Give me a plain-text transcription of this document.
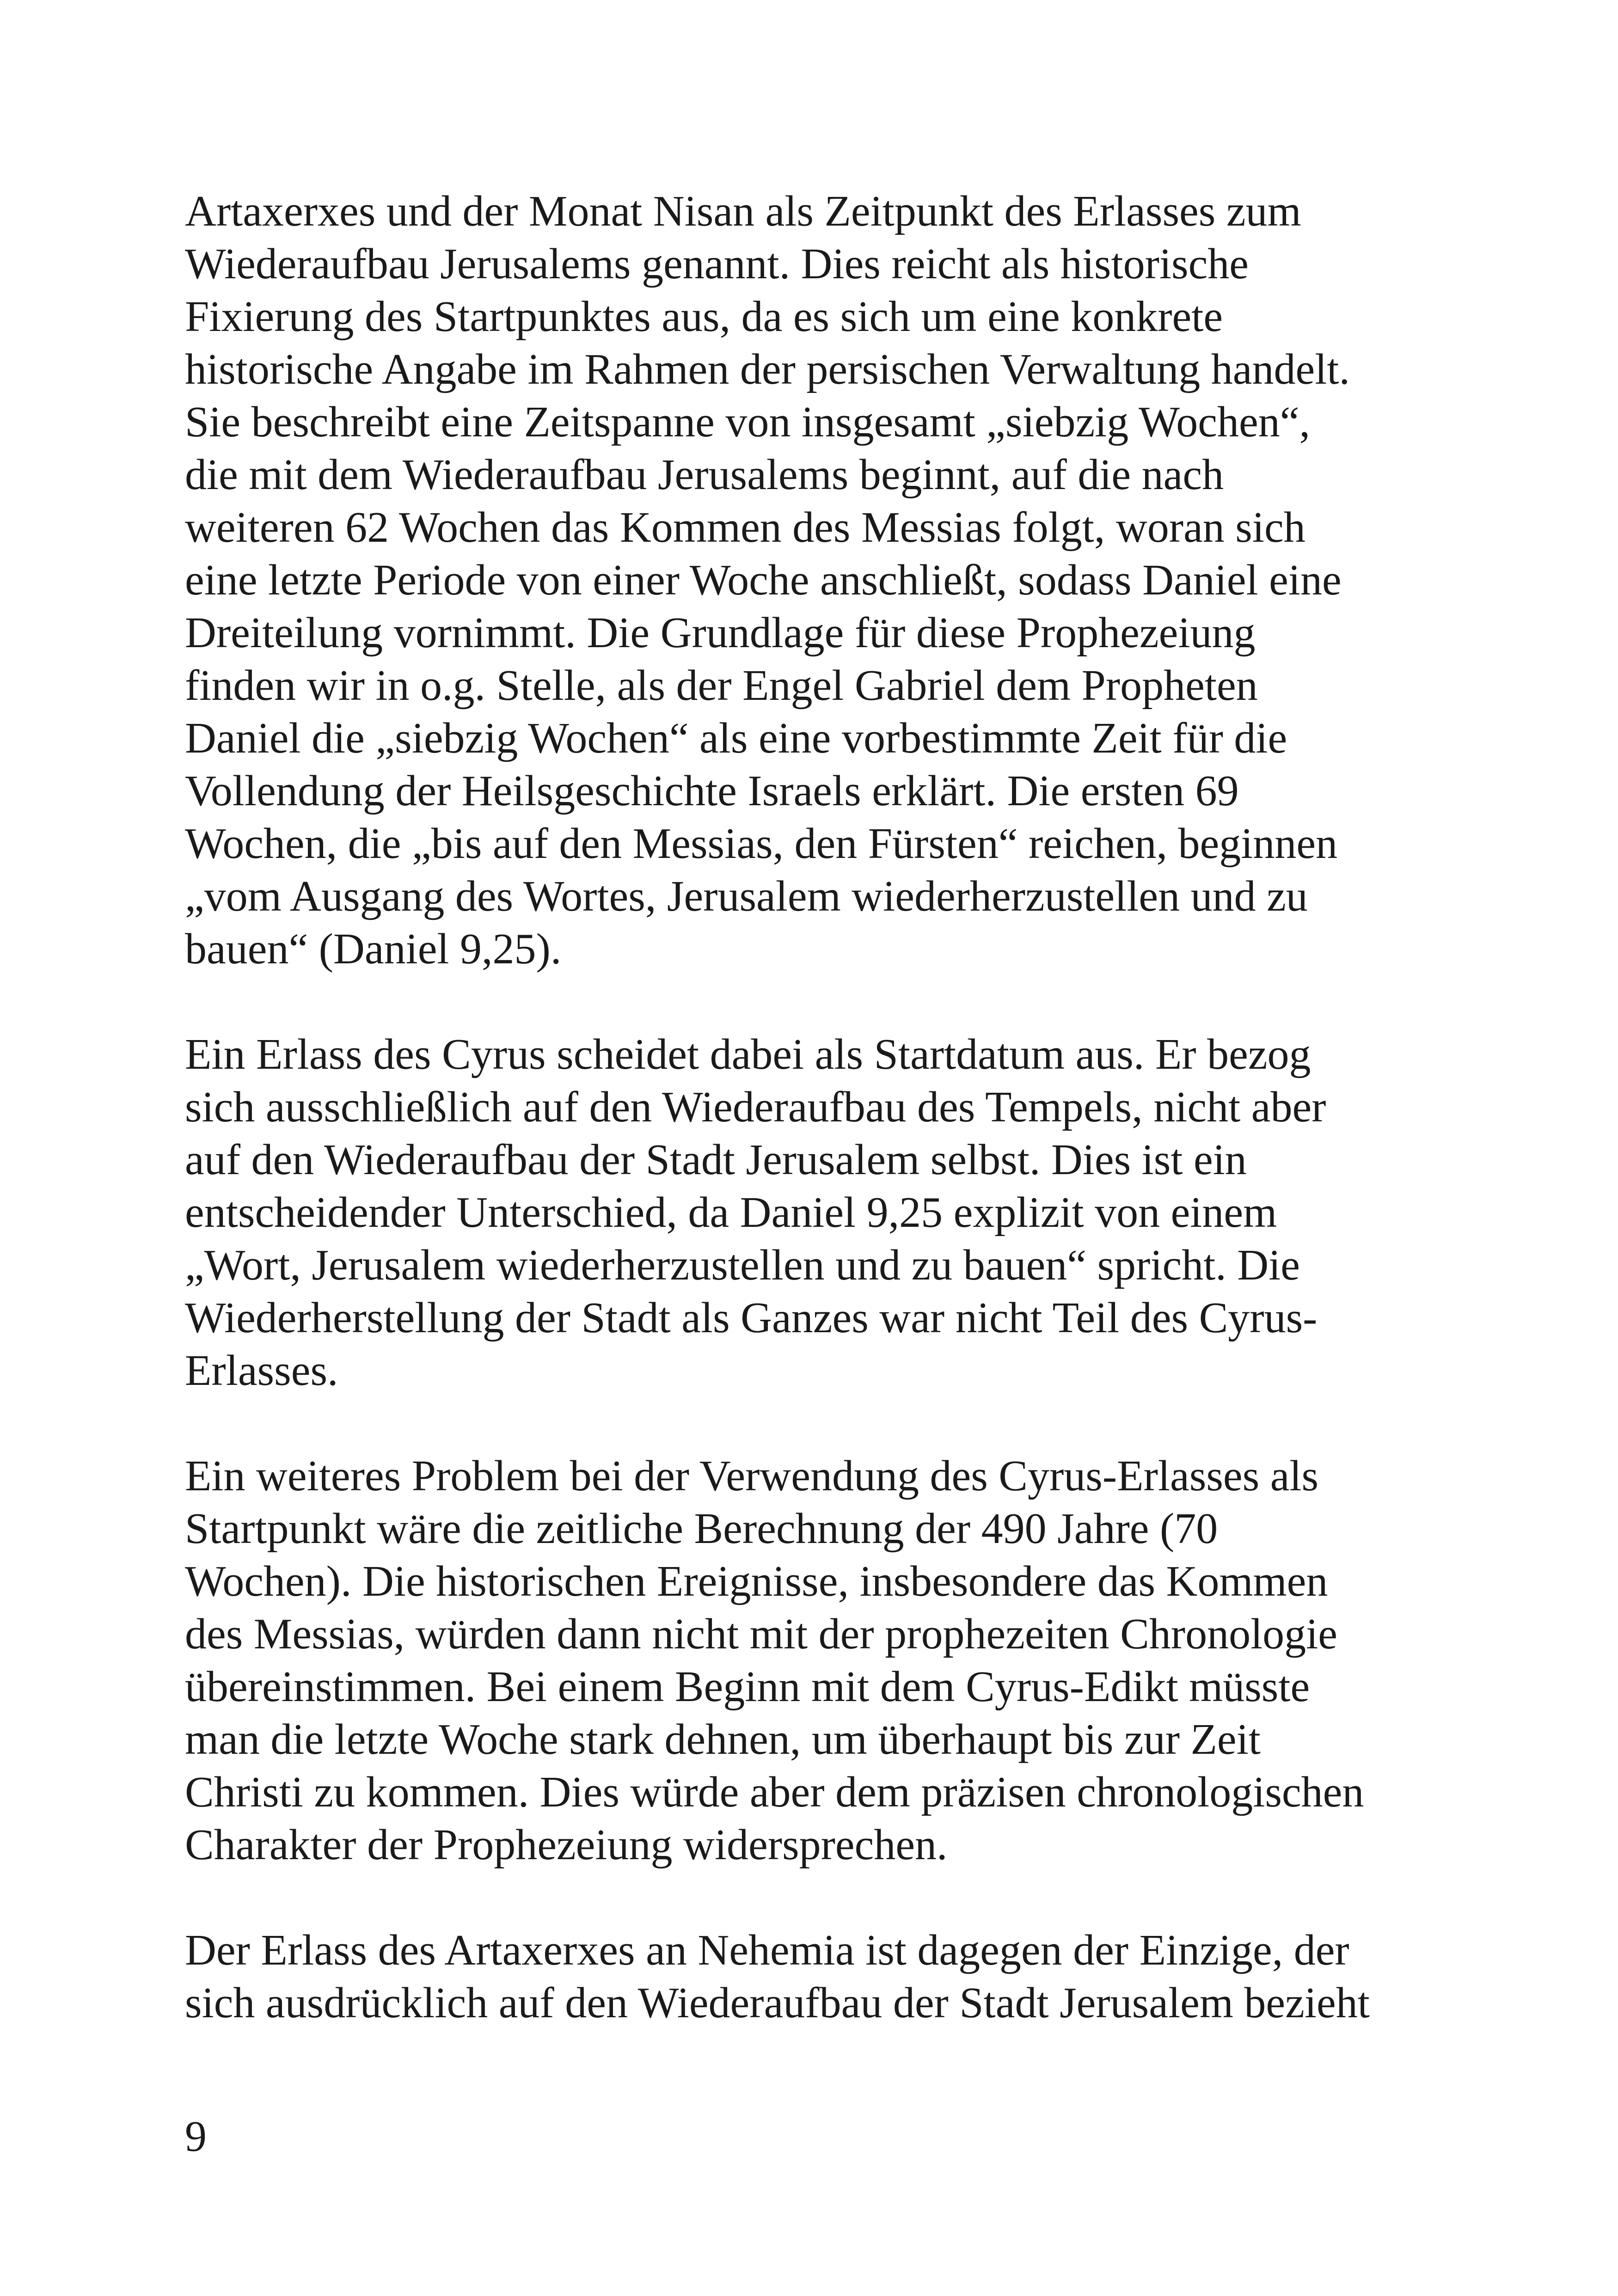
Artaxerxes und der Monat Nisan als Zeitpunkt des Erlasses zum
Wiederaufbau Jerusalems genannt. Dies reicht als historische
Fixierung des Startpunktes aus, da es sich um eine konkrete
historische Angabe im Rahmen der persischen Verwaltung handelt.
Sie beschreibt eine Zeitspanne von insgesamt „siebzig Wochen“,
die mit dem Wiederaufbau Jerusalems beginnt, auf die nach
weiteren 62 Wochen das Kommen des Messias folgt, woran sich
eine letzte Periode von einer Woche anschließt, sodass Daniel eine
Dreiteilung vornimmt. Die Grundlage für diese Prophezeiung
finden wir in o.g. Stelle, als der Engel Gabriel dem Propheten
Daniel die „siebzig Wochen“ als eine vorbestimmte Zeit für die
Vollendung der Heilsgeschichte Israels erklärt. Die ersten 69
Wochen, die „bis auf den Messias, den Fürsten“ reichen, beginnen
„vom Ausgang des Wortes, Jerusalem wiederherzustellen und zu
bauen“ (Daniel 9,25).

Ein Erlass des Cyrus scheidet dabei als Startdatum aus. Er bezog
sich ausschließlich auf den Wiederaufbau des Tempels, nicht aber
auf den Wiederaufbau der Stadt Jerusalem selbst. Dies ist ein
entscheidender Unterschied, da Daniel 9,25 explizit von einem
„Wort, Jerusalem wiederherzustellen und zu bauen“ spricht. Die
Wiederherstellung der Stadt als Ganzes war nicht Teil des Cyrus-
Erlasses.

Ein weiteres Problem bei der Verwendung des Cyrus-Erlasses als
Startpunkt wäre die zeitliche Berechnung der 490 Jahre (70
Wochen). Die historischen Ereignisse, insbesondere das Kommen
des Messias, würden dann nicht mit der prophezeiten Chronologie
übereinstimmen. Bei einem Beginn mit dem Cyrus-Edikt müsste
man die letzte Woche stark dehnen, um überhaupt bis zur Zeit
Christi zu kommen. Dies würde aber dem präzisen chronologischen
Charakter der Prophezeiung widersprechen.

Der Erlass des Artaxerxes an Nehemia ist dagegen der Einzige, der
sich ausdrücklich auf den Wiederaufbau der Stadt Jerusalem bezieht

9
